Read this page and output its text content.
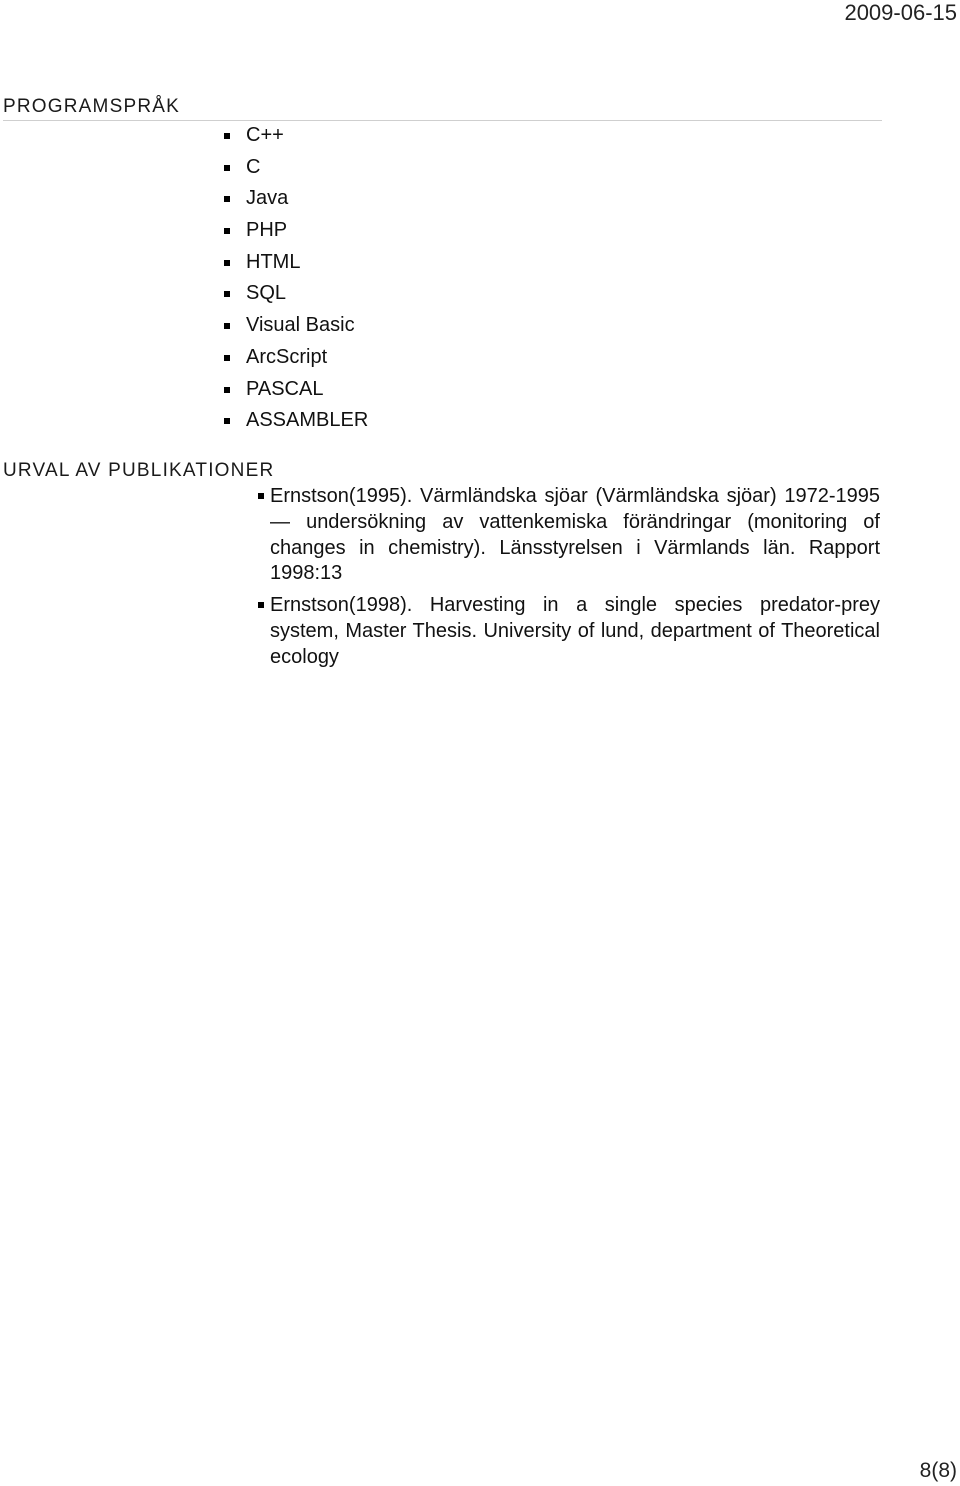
2009-06-15
PROGRAMSPRÅK
C++
C
Java
PHP
HTML
SQL
Visual Basic
ArcScript
PASCAL
ASSAMBLER
URVAL AV PUBLIKATIONER
Ernstson(1995). Värmländska sjöar (Värmländska sjöar) 1972-1995 — undersökning av vattenkemiska förändringar (monitoring of changes in chemistry). Länsstyrelsen i Värmlands län. Rapport 1998:13
Ernstson(1998). Harvesting in a single species predator-prey system, Master Thesis. University of lund, department of Theoretical ecology
8(8)
